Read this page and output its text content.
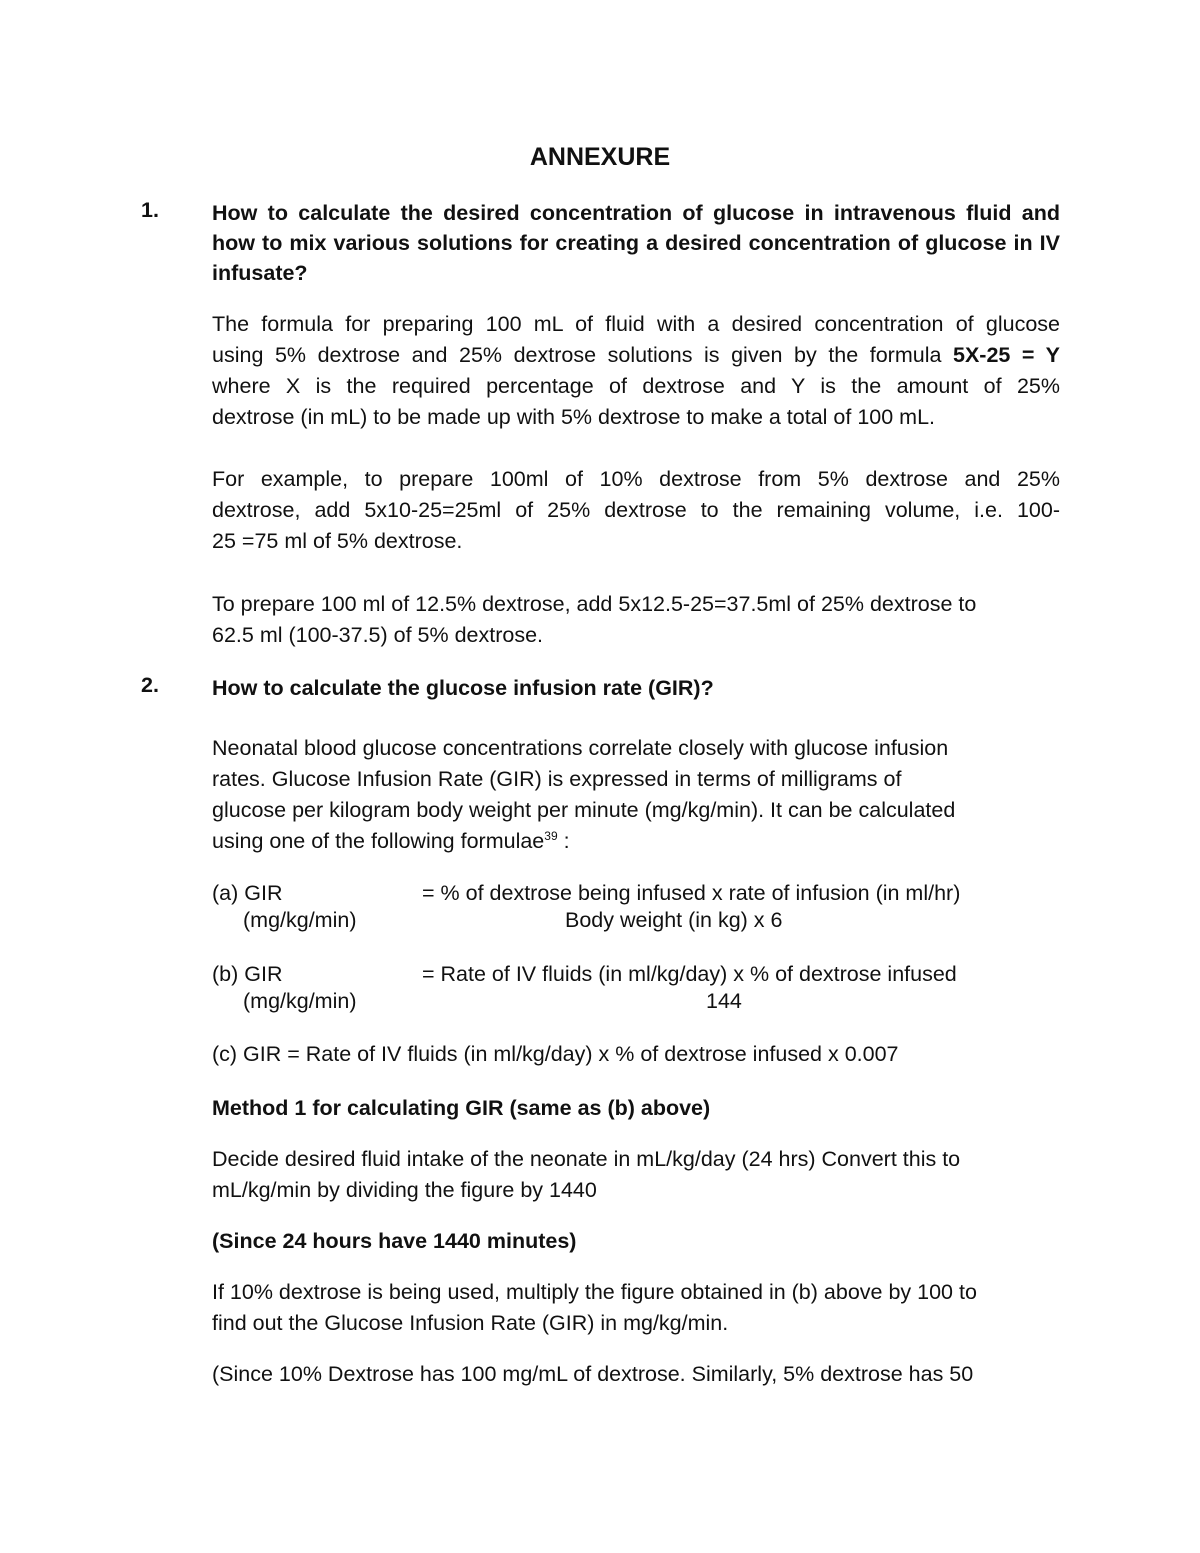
ANNEXURE
1. How to calculate the desired concentration of glucose in intravenous fluid and how to mix various solutions for creating a desired concentration of glucose in IV infusate?
The formula for preparing 100 mL of fluid with a desired concentration of glucose
using 5% dextrose and 25% dextrose solutions is given by the formula 5X-25 = Y
where X is the required percentage of dextrose and Y is the amount of 25%
dextrose (in mL) to be made up with 5% dextrose to make a total of 100 mL.
For example, to prepare 100ml of 10% dextrose from 5% dextrose and 25%
dextrose, add 5x10-25=25ml of 25% dextrose to the remaining volume, i.e. 100-
25 =75 ml of 5% dextrose.
To prepare 100 ml of 12.5% dextrose, add 5x12.5-25=37.5ml of 25% dextrose to
62.5 ml (100-37.5) of 5% dextrose.
2. How to calculate the glucose infusion rate (GIR)?
Neonatal blood glucose concentrations correlate closely with glucose infusion
rates. Glucose Infusion Rate (GIR) is expressed in terms of milligrams of
glucose per kilogram body weight per minute (mg/kg/min). It can be calculated
using one of the following formulae$^{39}$ :
(a) GIR	= % of dextrose being infused x rate of infusion (in ml/hr)
(mg/kg/min)	Body weight (in kg) x 6
(b) GIR	= Rate of IV fluids (in ml/kg/day) x % of dextrose infused
(mg/kg/min)	144
(c) GIR = Rate of IV fluids (in ml/kg/day) x % of dextrose infused x 0.007
Method 1 for calculating GIR (same as (b) above)
Decide desired fluid intake of the neonate in mL/kg/day (24 hrs) Convert this to
mL/kg/min by dividing the figure by 1440
(Since 24 hours have 1440 minutes)
If 10% dextrose is being used, multiply the figure obtained in (b) above by 100 to
find out the Glucose Infusion Rate (GIR) in mg/kg/min.
(Since 10% Dextrose has 100 mg/mL of dextrose. Similarly, 5% dextrose has 50
